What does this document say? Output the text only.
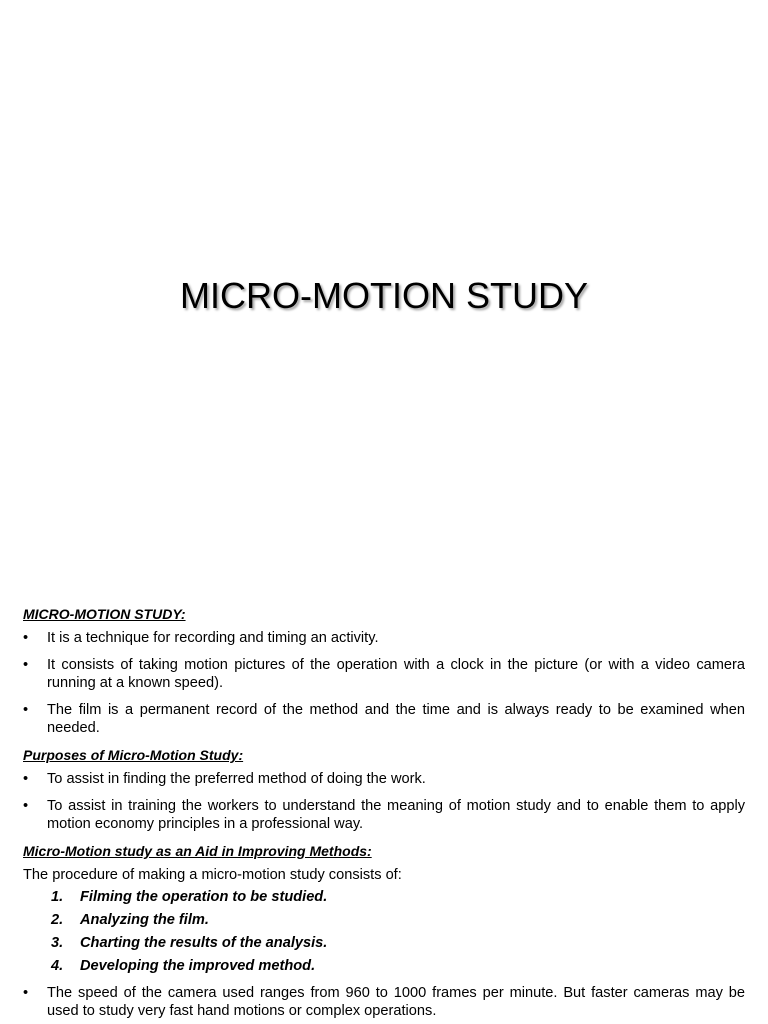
MICRO-MOTION STUDY
MICRO-MOTION STUDY:
• It is a technique for recording and timing an activity.
• It consists of taking motion pictures of the operation with a clock in the picture (or with a video camera running at a known speed).
• The film is a permanent record of the method and the time and is always ready to be examined when needed.
Purposes of Micro-Motion Study:
• To assist in finding the preferred method of doing the work.
• To assist in training the workers to understand the meaning of motion study and to enable them to apply motion economy principles in a professional way.
Micro-Motion study as an Aid in Improving Methods:

The procedure of making a micro-motion study consists of:

1. Filming the operation to be studied.
2. Analyzing the film.
3. Charting the results of the analysis.
4. Developing the improved method.
• The speed of the camera used ranges from 960 to 1000 frames per minute. But faster cameras may be used to study very fast hand motions or complex operations.
